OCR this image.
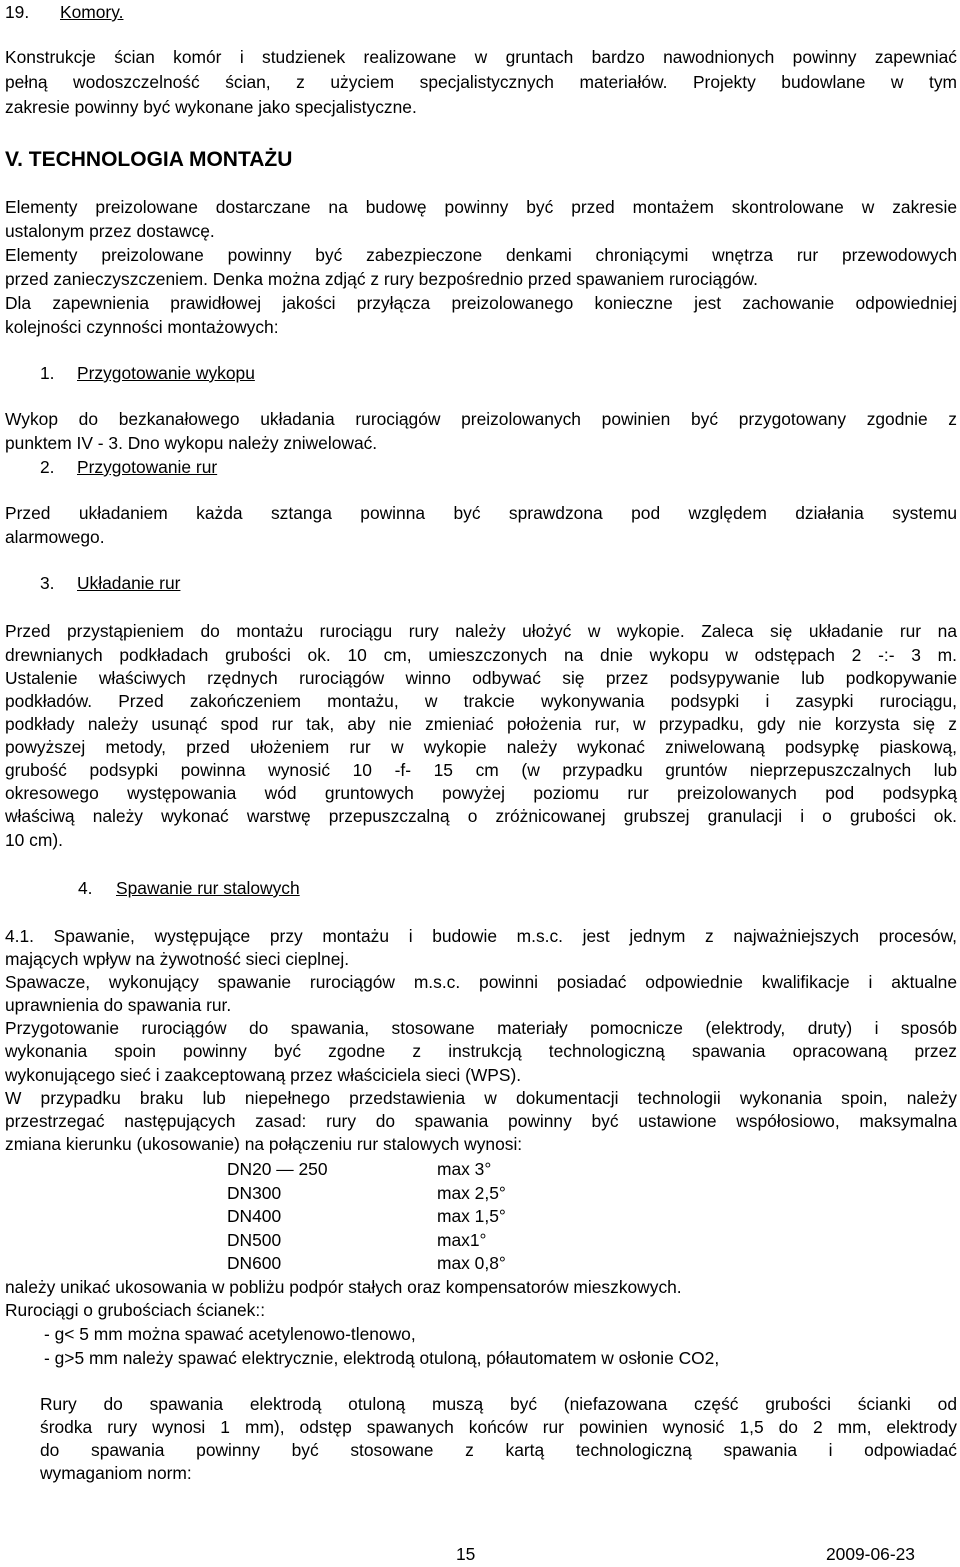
19. Komory.
Konstrukcje ścian komór i studzienek realizowane w gruntach bardzo nawodnionych powinny zapewniać
pełną wodoszczelność ścian, z użyciem specjalistycznych materiałów. Projekty budowlane w tym
zakresie powinny być wykonane jako specjalistyczne.
V. TECHNOLOGIA MONTAŻU
Elementy preizolowane dostarczane na budowę powinny być przed montażem skontrolowane w zakresie
ustalonym przez dostawcę.
Elementy preizolowane powinny być zabezpieczone denkami chroniącymi wnętrza rur przewodowych
przed zanieczyszczeniem. Denka można zdjąć z rury bezpośrednio przed spawaniem rurociągów.
Dla zapewnienia prawidłowej jakości przyłącza preizolowanego konieczne jest zachowanie odpowiedniej
kolejności czynności montażowych:
1. Przygotowanie wykopu
Wykop do bezkanałowego układania rurociągów preizolowanych powinien być przygotowany zgodnie z
punktem IV - 3. Dno wykopu należy zniwelować.
2. Przygotowanie rur
Przed układaniem każda sztanga powinna być sprawdzona pod względem działania systemu
alarmowego.
3. Układanie rur
Przed przystąpieniem do montażu rurociągu rury należy ułożyć w wykopie. Zaleca się układanie rur na
drewnianych podkładach grubości ok. 10 cm, umieszczonych na dnie wykopu w odstępach 2 -:- 3 m.
Ustalenie właściwych rzędnych rurociągów winno odbywać się przez podsypywanie lub podkopywanie
podkładów. Przed zakończeniem montażu, w trakcie wykonywania podsypki i zasypki rurociągu,
podkłady należy usunąć spod rur tak, aby nie zmieniać położenia rur, w przypadku, gdy nie korzysta się z
powyższej metody, przed ułożeniem rur w wykopie należy wykonać zniwelowaną podsypkę piaskową,
grubość podsypki powinna wynosić 10 -f- 15 cm (w przypadku gruntów nieprzepuszczalnych lub
okresowego występowania wód gruntowych powyżej poziomu rur preizolowanych pod podsypką
właściwą należy wykonać warstwę przepuszczalną o zróżnicowanej grubszej granulacji i o grubości ok.
10 cm).
4. Spawanie rur stalowych
4.1. Spawanie, występujące przy montażu i budowie m.s.c. jest jednym z najważniejszych procesów,
mających wpływ na żywotność sieci cieplnej.
Spawacze, wykonujący spawanie rurociągów m.s.c. powinni posiadać odpowiednie kwalifikacje i aktualne
uprawnienia do spawania rur.
Przygotowanie rurociągów do spawania, stosowane materiały pomocnicze (elektrody, druty) i sposób
wykonania spoin powinny być zgodne z instrukcją technologiczną spawania opracowaną przez
wykonującego sieć i zaakceptowaną przez właściciela sieci (WPS).
W przypadku braku lub niepełnego przedstawienia w dokumentacji technologii wykonania spoin, należy
przestrzegać następujących zasad: rury do spawania powinny być ustawione współosiowo, maksymalna
zmiana kierunku (ukosowanie) na połączeniu rur stalowych wynosi:
DN20 — 250	max 3°
DN300	max 2,5°
DN400	max 1,5°
DN500	max1°
DN600	max 0,8°
należy unikać ukosowania w pobliżu podpór stałych oraz kompensatorów mieszkowych.
Rurociągi o grubościach ścianek::
- g< 5 mm można spawać acetylenowo-tlenowo,
- g>5 mm należy spawać elektrycznie, elektrodą otuloną, półautomatem w osłonie CO2,
Rury do spawania elektrodą otuloną muszą być (niefazowana część grubości ścianki od
środka rury wynosi 1 mm), odstęp spawanych końców rur powinien wynosić 1,5 do 2 mm, elektrody
do spawania powinny być stosowane z kartą technologiczną spawania i odpowiadać
wymaganiom norm:
15	2009-06-23
